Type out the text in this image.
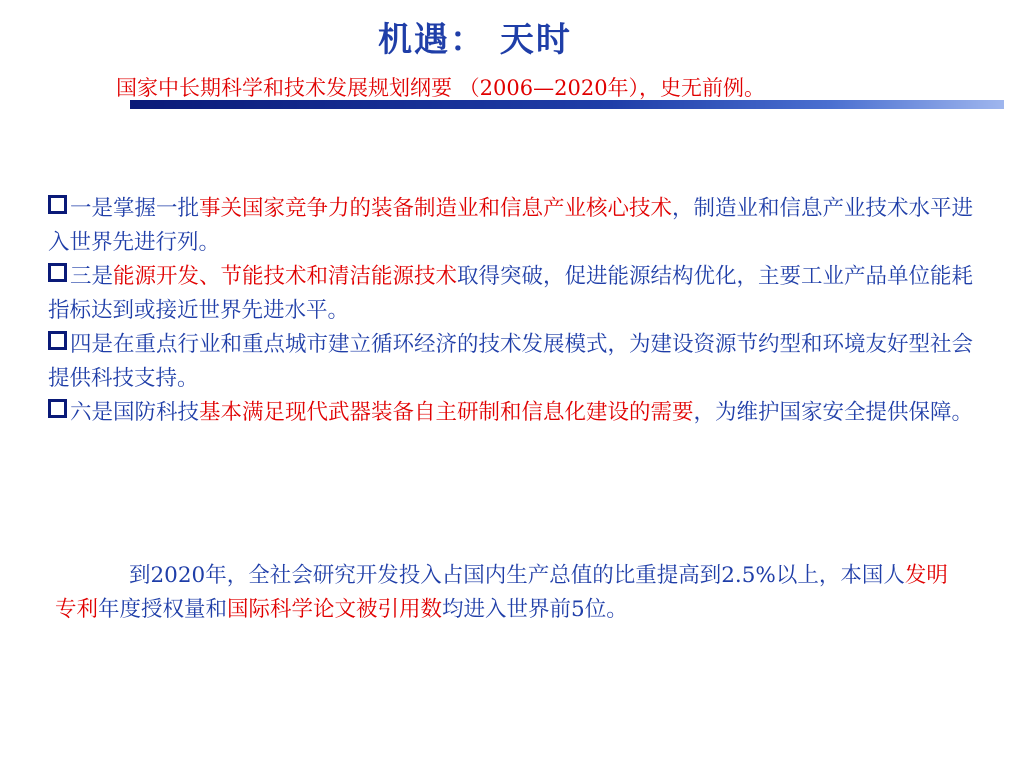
机遇： 天时
国家中长期科学和技术发展规划纲要 （2006—2020年），史无前例。

一是掌握一批事关国家竞争力的装备制造业和信息产业核心技术，制造业和信息产业技术水平进入世界先进行列。

三是能源开发、节能技术和清洁能源技术取得突破，促进能源结构优化，主要工业产品单位能耗指标达到或接近世界先进水平。

四是在重点行业和重点城市建立循环经济的技术发展模式，为建设资源节约型和环境友好型社会提供科技支持。

六是国防科技基本满足现代武器装备自主研制和信息化建设的需要，为维护国家安全提供保障。

到2020年，全社会研究开发投入占国内生产总值的比重提高到2.5%以上，本国人发明专利年度授权量和国际科学论文被引用数均进入世界前5位。
